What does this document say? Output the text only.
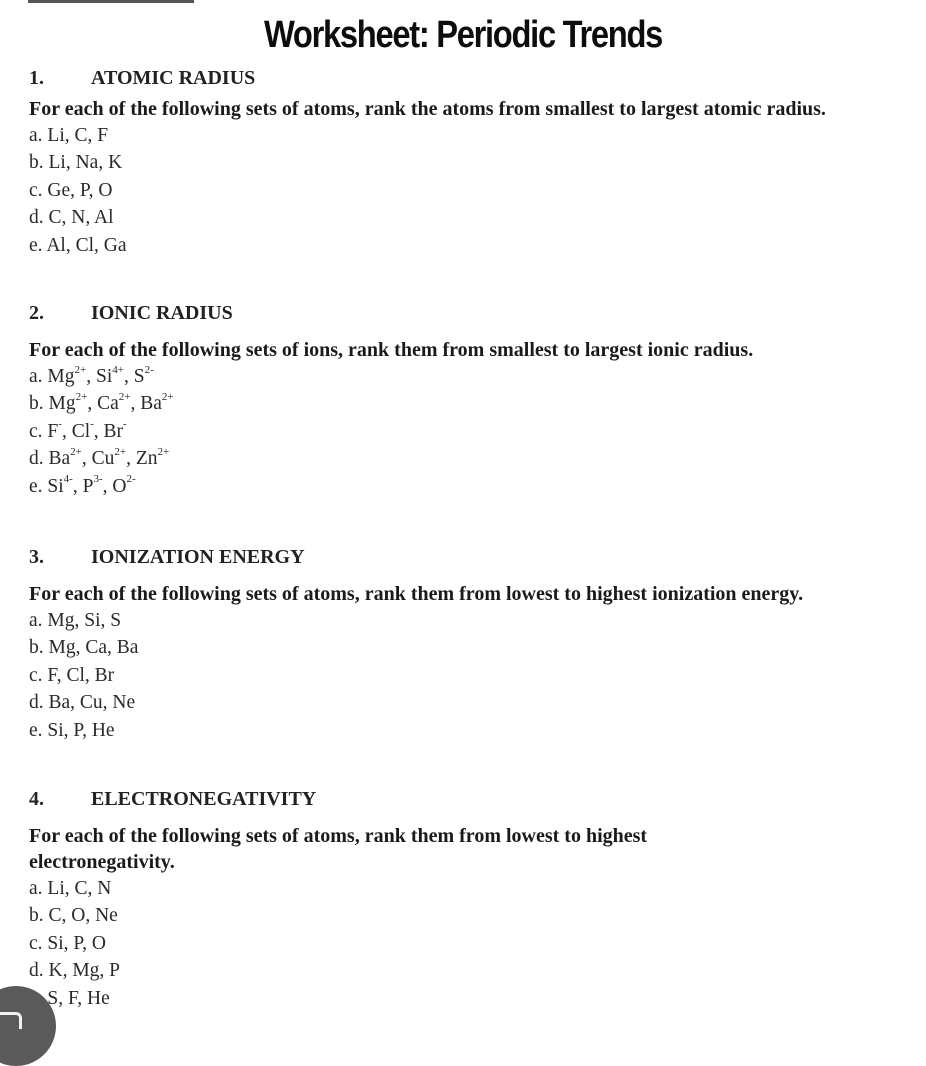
Worksheet: Periodic Trends
1.	ATOMIC RADIUS
For each of the following sets of atoms, rank the atoms from smallest to largest atomic radius.
a. Li, C, F
b. Li, Na, K
c. Ge, P, O
d. C, N, Al
e. Al, Cl, Ga
2.	IONIC RADIUS
For each of the following sets of ions, rank them from smallest to largest ionic radius.
a. $Mg^{2+}$, $Si^{4+}$, $S^{2-}$
b. $Mg^{2+}$, $Ca^{2+}$, $Ba^{2+}$
c. F-, Cl-, Br-
d. $Ba^{2+}$, $Cu^{2+}$, $Zn^{2+}$
e. $Si^{4-}$, $P^{3-}$, $O^{2-}$
3.	IONIZATION ENERGY
For each of the following sets of atoms, rank them from lowest to highest ionization energy.
a. Mg, Si, S
b. Mg, Ca, Ba
c. F, Cl, Br
d. Ba, Cu, Ne
e. Si, P, He
4.	ELECTRONEGATIVITY
For each of the following sets of atoms, rank them from lowest to highest electronegativity.
a. Li, C, N
b. C, O, Ne
c. Si, P, O
d. K, Mg, P
S, F, He
